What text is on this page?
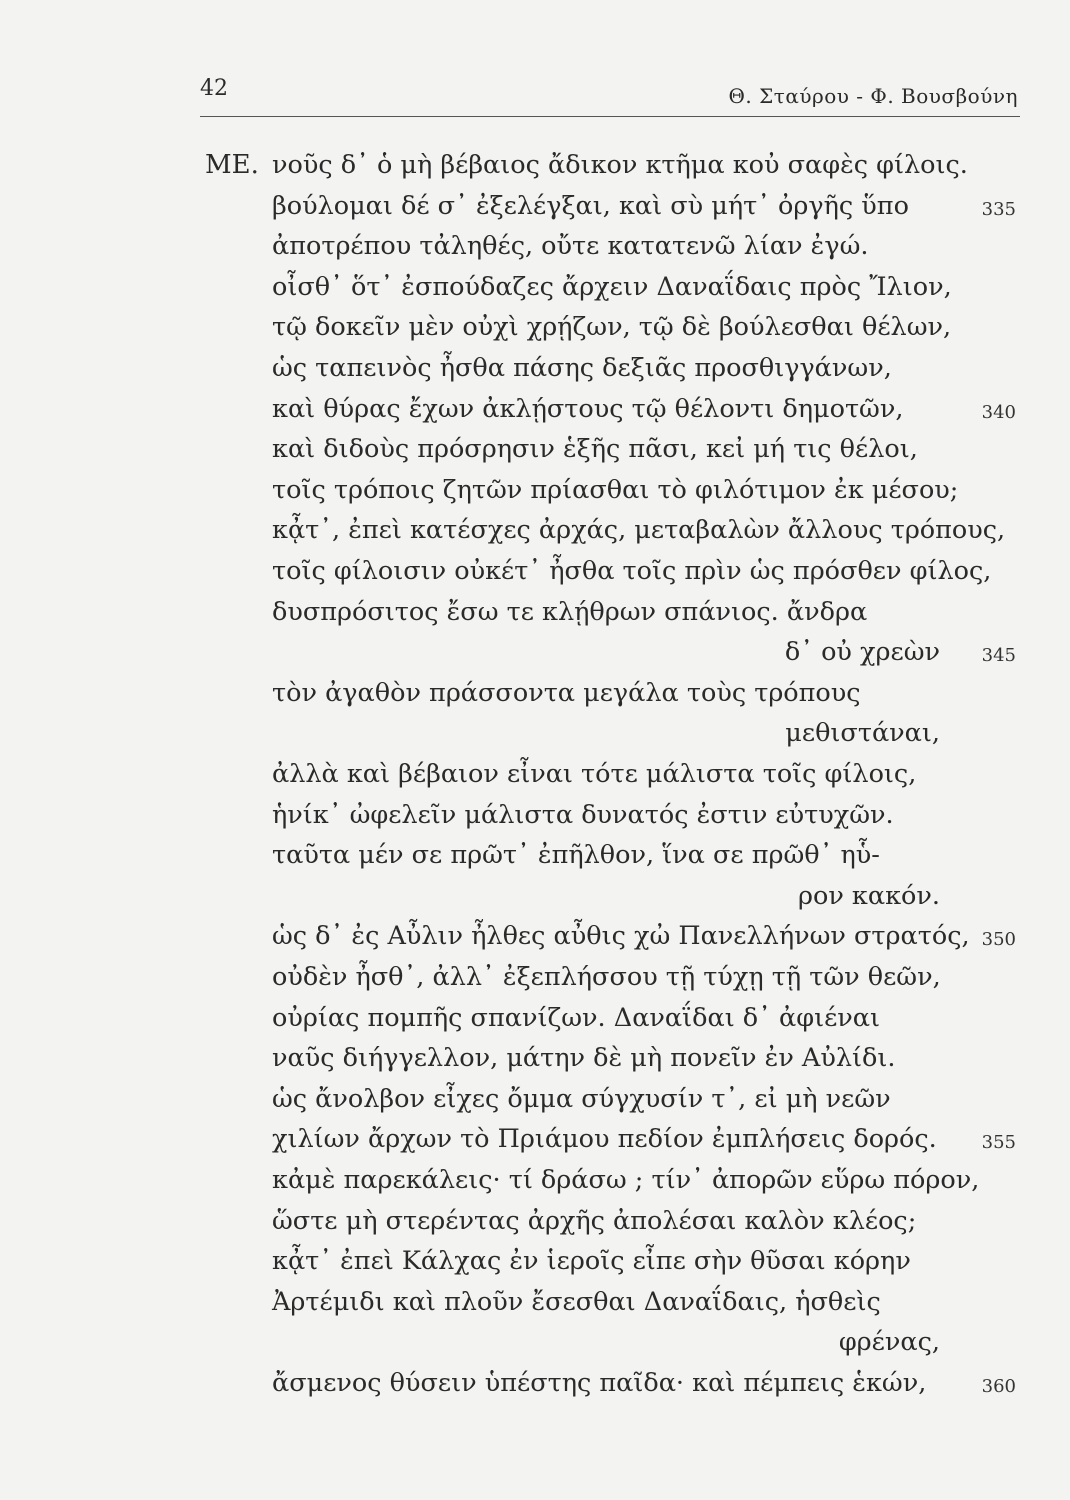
42	Θ. Σταύρου - Φ. Βουσβούνη
ΜΕ. νοῦς δ᾽ ὁ μὴ βέβαιος ἄδικον κτῆμα κοὐ σαφὲς φίλοις.
βούλομαι δέ σ᾽ ἐξελέγξαι, καὶ σὺ μήτ᾽ ὀργῆς ὕπο	335
ἀποτρέπου τἀληθές, οὔτε κατατενῶ λίαν ἐγώ.
οἶσθ᾽ ὅτ᾽ ἐσπούδαζες ἄρχειν Δαναΐδαις πρὸς Ἴλιον,
τῷ δοκεῖν μὲν οὐχὶ χρῄζων, τῷ δὲ βούλεσθαι θέλων,
ὡς ταπεινὸς ἦσθα πάσης δεξιᾶς προσθιγγάνων,
καὶ θύρας ἔχων ἀκλῄστους τῷ θέλοντι δημοτῶν,	340
καὶ διδοὺς πρόσρησιν ἑξῆς πᾶσι, κεἰ μή τις θέλοι,
τοῖς τρόποις ζητῶν πρίασθαι τὸ φιλότιμον ἐκ μέσου;
κᾆτ᾽, ἐπεὶ κατέσχες ἀρχάς, μεταβαλὼν ἄλλους τρόπους,
τοῖς φίλοισιν οὐκέτ᾽ ἦσθα τοῖς πρὶν ὡς πρόσθεν φίλος,
δυσπρόσιτος ἔσω τε κλῄθρων σπάνιος. ἄνδρα
δ᾽ οὐ χρεὼν 345
τὸν ἀγαθὸν πράσσοντα μεγάλα τοὺς τρόπους
μεθιστάναι,
ἀλλὰ καὶ βέβαιον εἶναι τότε μάλιστα τοῖς φίλοις,
ἡνίκ᾽ ὠφελεῖν μάλιστα δυνατός ἐστιν εὐτυχῶν.
ταῦτα μέν σε πρῶτ᾽ ἐπῆλθον, ἵνα σε πρῶθ᾽ ηὗ-
ρον κακόν.
ὡς δ᾽ ἐς Αὖλιν ἦλθες αὖθις χὠ Πανελλήνων στρατός, 350
οὐδὲν ἦσθ᾽, ἀλλ᾽ ἐξεπλήσσου τῇ τύχῃ τῇ τῶν θεῶν,
οὐρίας πομπῆς σπανίζων. Δαναΐδαι δ᾽ ἀφιέναι
ναῦς διήγγελλον, μάτην δὲ μὴ πονεῖν ἐν Αὐλίδι.
ὡς ἄνολβον εἶχες ὄμμα σύγχυσίν τ᾽, εἰ μὴ νεῶν
χιλίων ἄρχων τὸ Πριάμου πεδίον ἐμπλήσεις δορός. 355
κἀμὲ παρεκάλεις· τί δράσω ; τίν᾽ ἀπορῶν εὕρω πόρον,
ὥστε μὴ στερέντας ἀρχῆς ἀπολέσαι καλὸν κλέος;
κᾆτ᾽ ἐπεὶ Κάλχας ἐν ἱεροῖς εἶπε σὴν θῦσαι κόρην
Ἀρτέμιδι καὶ πλοῦν ἔσεσθαι Δαναΐδαις, ἡσθεὶς
φρένας,
ἄσμενος θύσειν ὑπέστης παῖδα· καὶ πέμπεις ἑκών,	360
